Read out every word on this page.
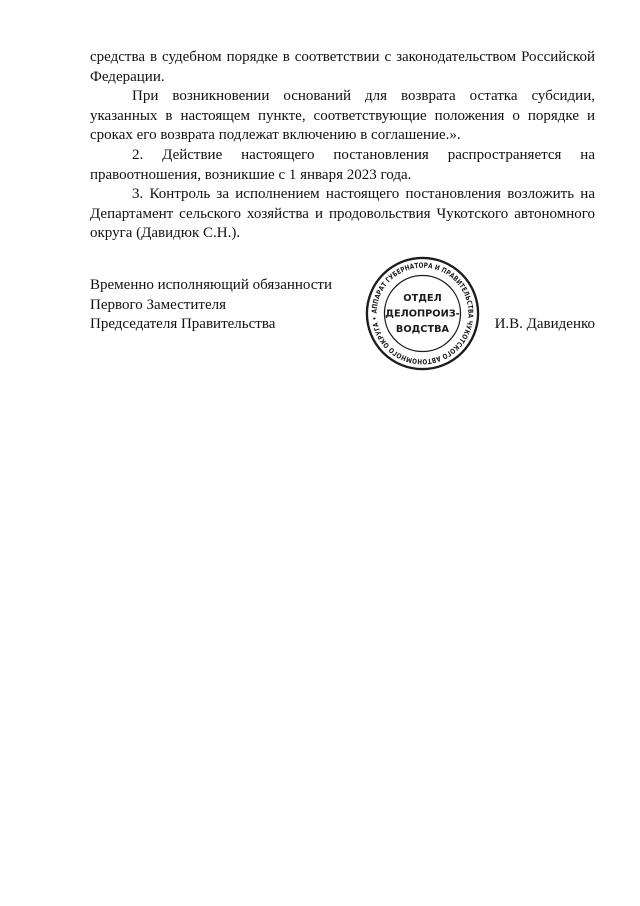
средства в судебном порядке в соответствии с законодательством Российской Федерации.

При возникновении оснований для возврата остатка субсидии, указанных в настоящем пункте, соответствующие положения о порядке и сроках его возврата подлежат включению в соглашение.».

2. Действие настоящего постановления распространяется на правоотношения, возникшие с 1 января 2023 года.

3. Контроль за исполнением настоящего постановления возложить на Департамент сельского хозяйства и продовольствия Чукотского автономного округа (Давидюк С.Н.).

Временно исполняющий обязанности
Первого Заместителя
Председателя Правительства	И.В. Давиденко
АППАРАТ ГУБЕРНАТОРА И ПРАВИТЕЛЬСТВА ЧУКОТСКОГО АВТОНОМНОГО ОКРУГА •
ОТДЕЛ
ДЕЛОПРОИЗ-
ВОДСТВА
